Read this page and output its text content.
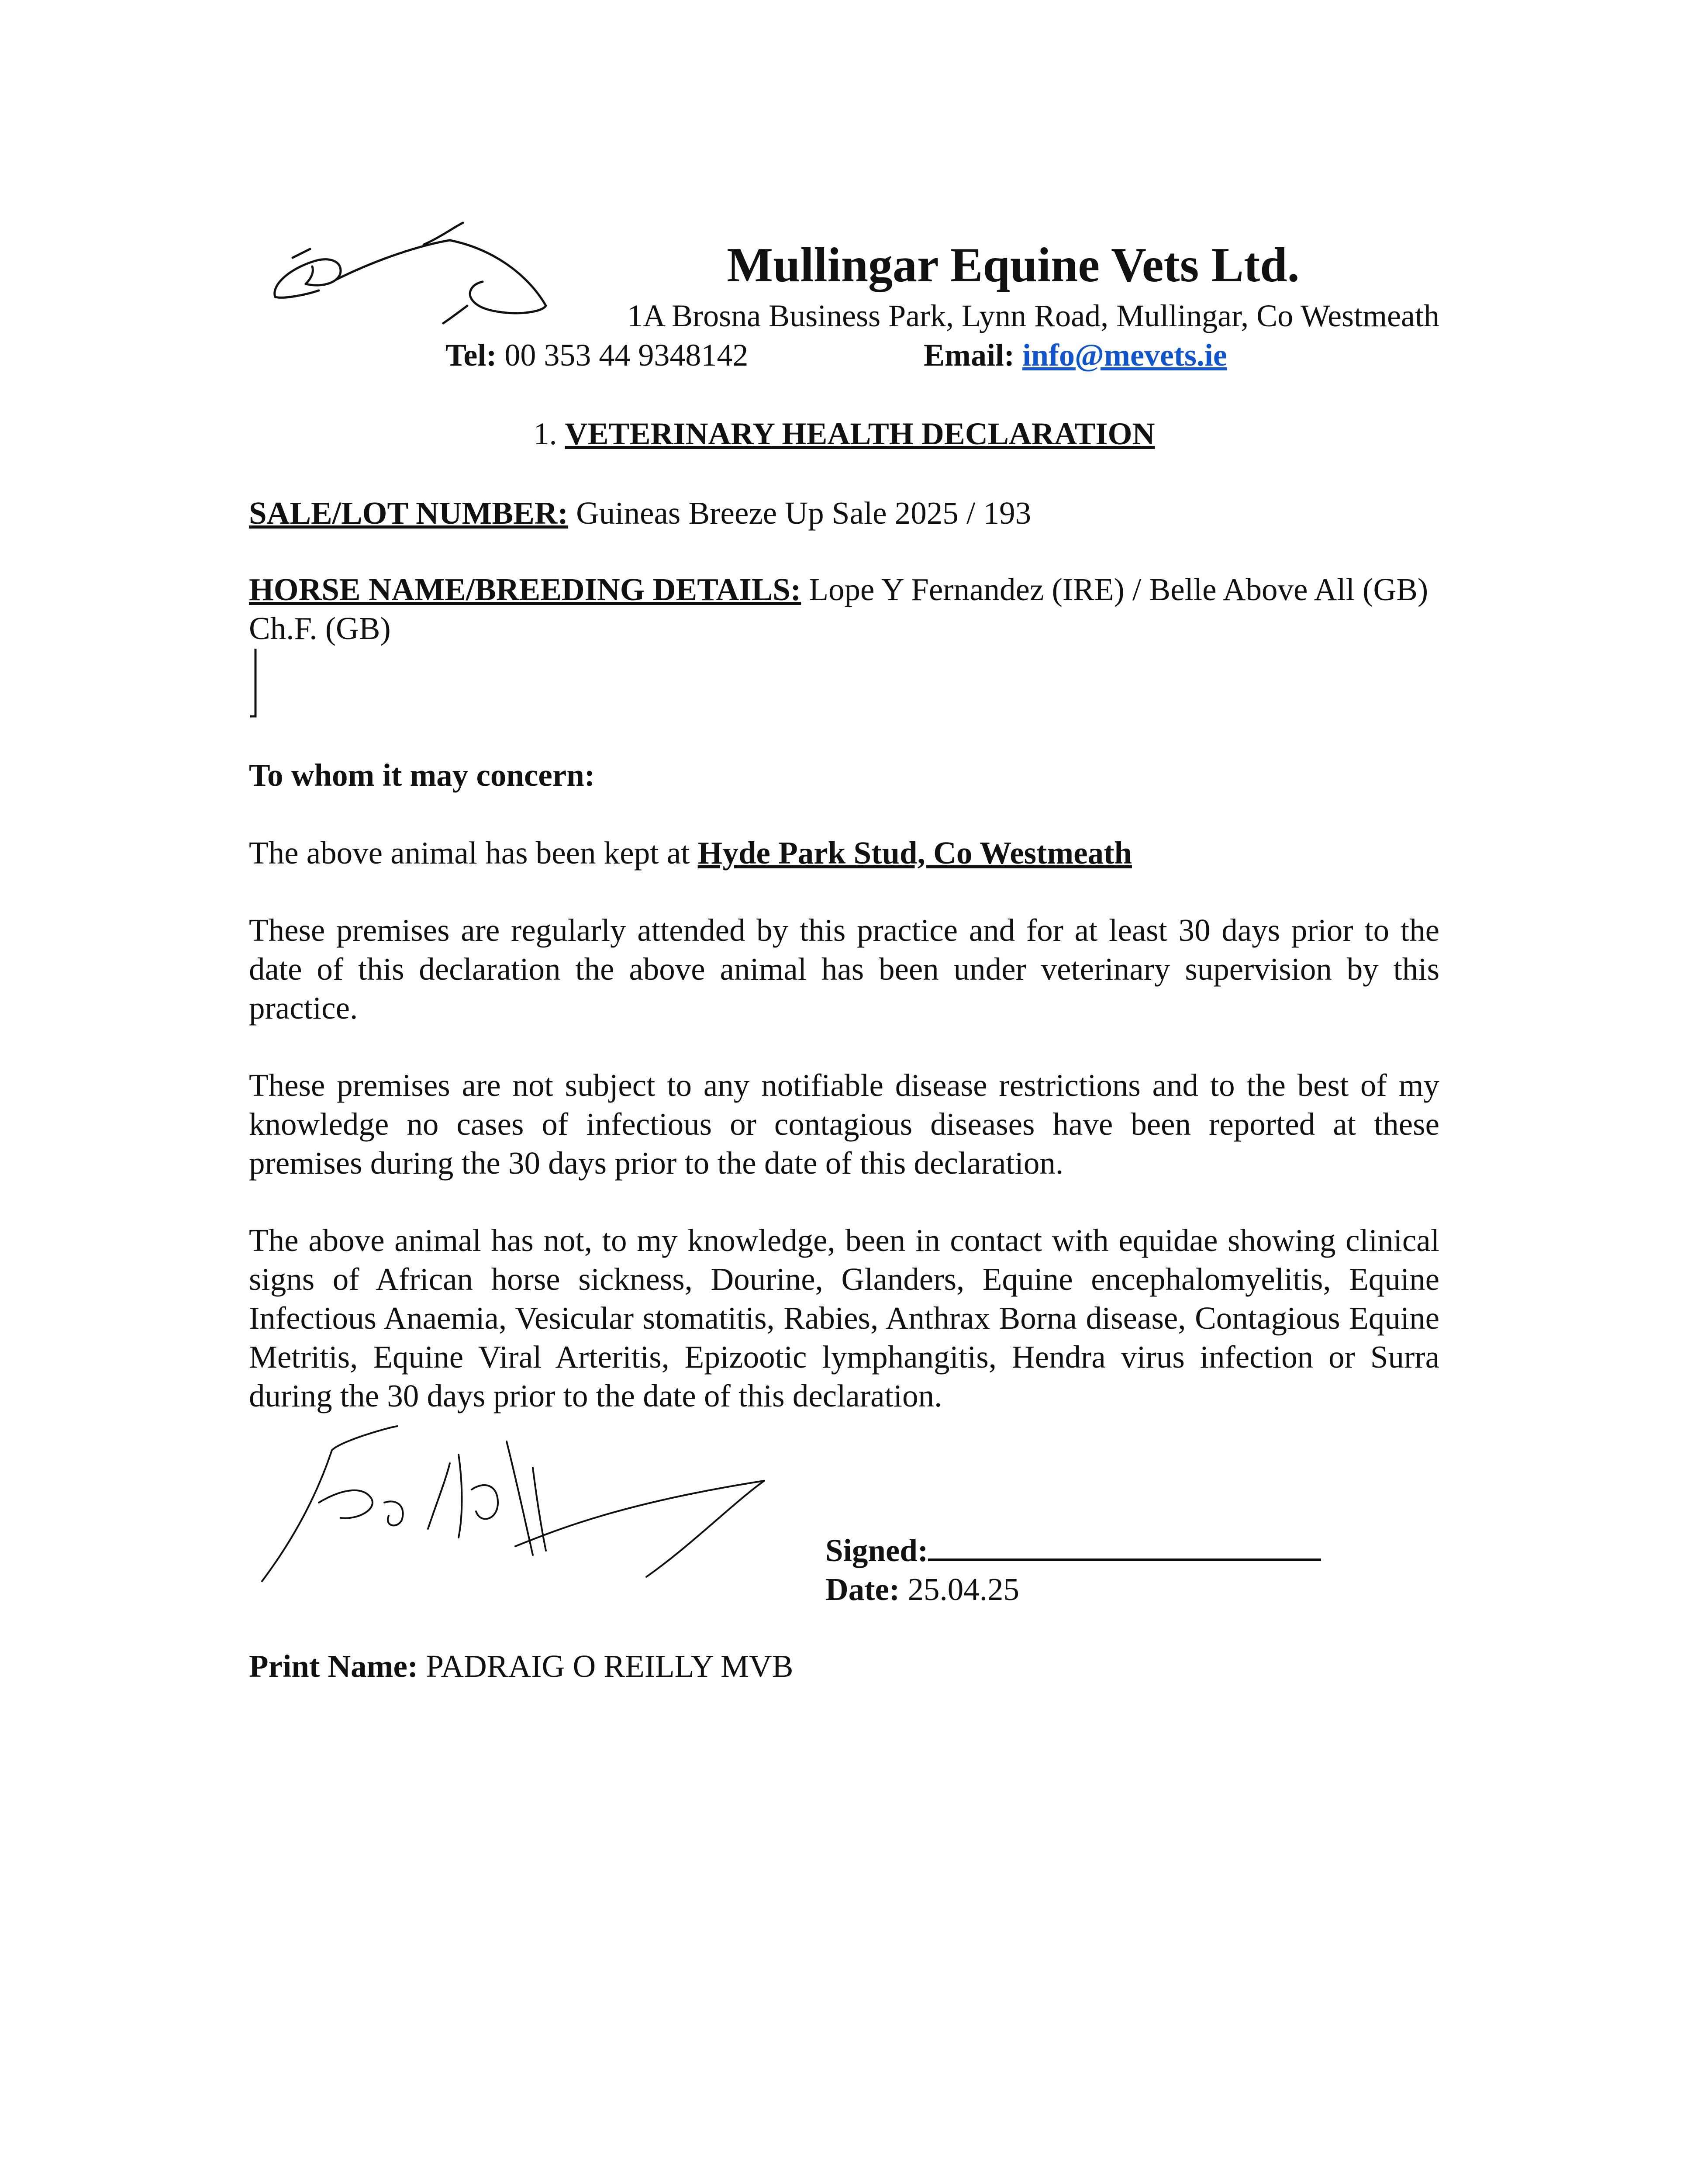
Mullingar Equine Vets Ltd.
1A Brosna Business Park, Lynn Road, Mullingar, Co Westmeath
Tel: 00 353 44 9348142	Email: info@mevets.ie
1. VETERINARY HEALTH DECLARATION
SALE/LOT NUMBER: Guineas Breeze Up Sale 2025 / 193
HORSE NAME/BREEDING DETAILS: Lope Y Fernandez (IRE) / Belle Above All (GB) Ch.F. (GB)
To whom it may concern:
The above animal has been kept at Hyde Park Stud, Co Westmeath
These premises are regularly attended by this practice and for at least 30 days prior to the date of this declaration the above animal has been under veterinary supervision by this practice.
These premises are not subject to any notifiable disease restrictions and to the best of my knowledge no cases of infectious or contagious diseases have been reported at these premises during the 30 days prior to the date of this declaration.
The above animal has not, to my knowledge, been in contact with equidae showing clinical signs of African horse sickness, Dourine, Glanders, Equine encephalomyelitis, Equine Infectious Anaemia, Vesicular stomatitis, Rabies, Anthrax Borna disease, Contagious Equine Metritis, Equine Viral Arteritis, Epizootic lymphangitis, Hendra virus infection or Surra during the 30 days prior to the date of this declaration.
Signed:
Date: 25.04.25
Print Name: PADRAIG O REILLY MVB
